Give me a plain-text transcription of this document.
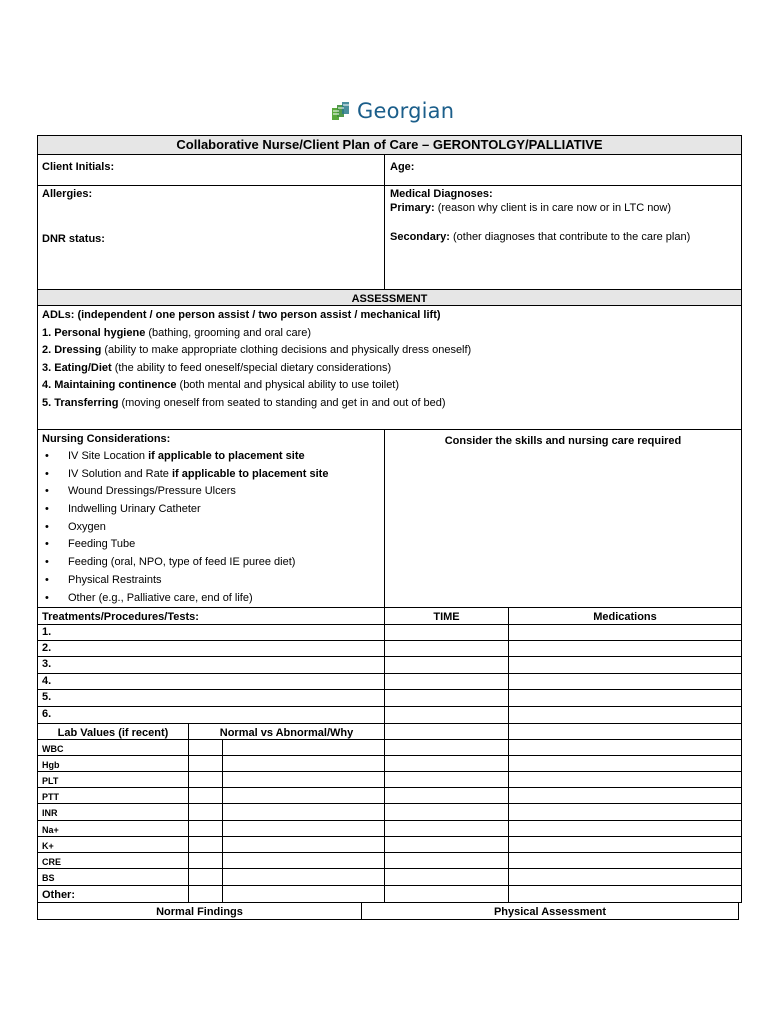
Georgian
Collaborative Nurse/Client Plan of Care – GERONTOLGY/PALLIATIVE
Client Initials:	Age:
Allergies:
DNR status:
Medical Diagnoses:
Primary: (reason why client is in care now or in LTC now)
Secondary: (other diagnoses that contribute to the care plan)
ASSESSMENT
ADLs: (independent / one person assist / two person assist / mechanical lift)
1. Personal hygiene (bathing, grooming and oral care)
2. Dressing (ability to make appropriate clothing decisions and physically dress oneself)
3. Eating/Diet (the ability to feed oneself/special dietary considerations)
4. Maintaining continence (both mental and physical ability to use toilet)
5. Transferring (moving oneself from seated to standing and get in and out of bed)
Nursing Considerations:
• IV Site Location if applicable to placement site
• IV Solution and Rate if applicable to placement site
• Wound Dressings/Pressure Ulcers
• Indwelling Urinary Catheter
• Oxygen
• Feeding Tube
• Feeding (oral, NPO, type of feed IE puree diet)
• Physical Restraints
• Other (e.g., Palliative care, end of life)
Consider the skills and nursing care required
Treatments/Procedures/Tests:	TIME	Medications
1.
2.
3.
4.
5.
6.
Lab Values (if recent)	Normal vs Abnormal/Why
WBC
Hgb
PLT
PTT
INR
Na+
K+
CRE
BS
Other:
Normal Findings	Physical Assessment
